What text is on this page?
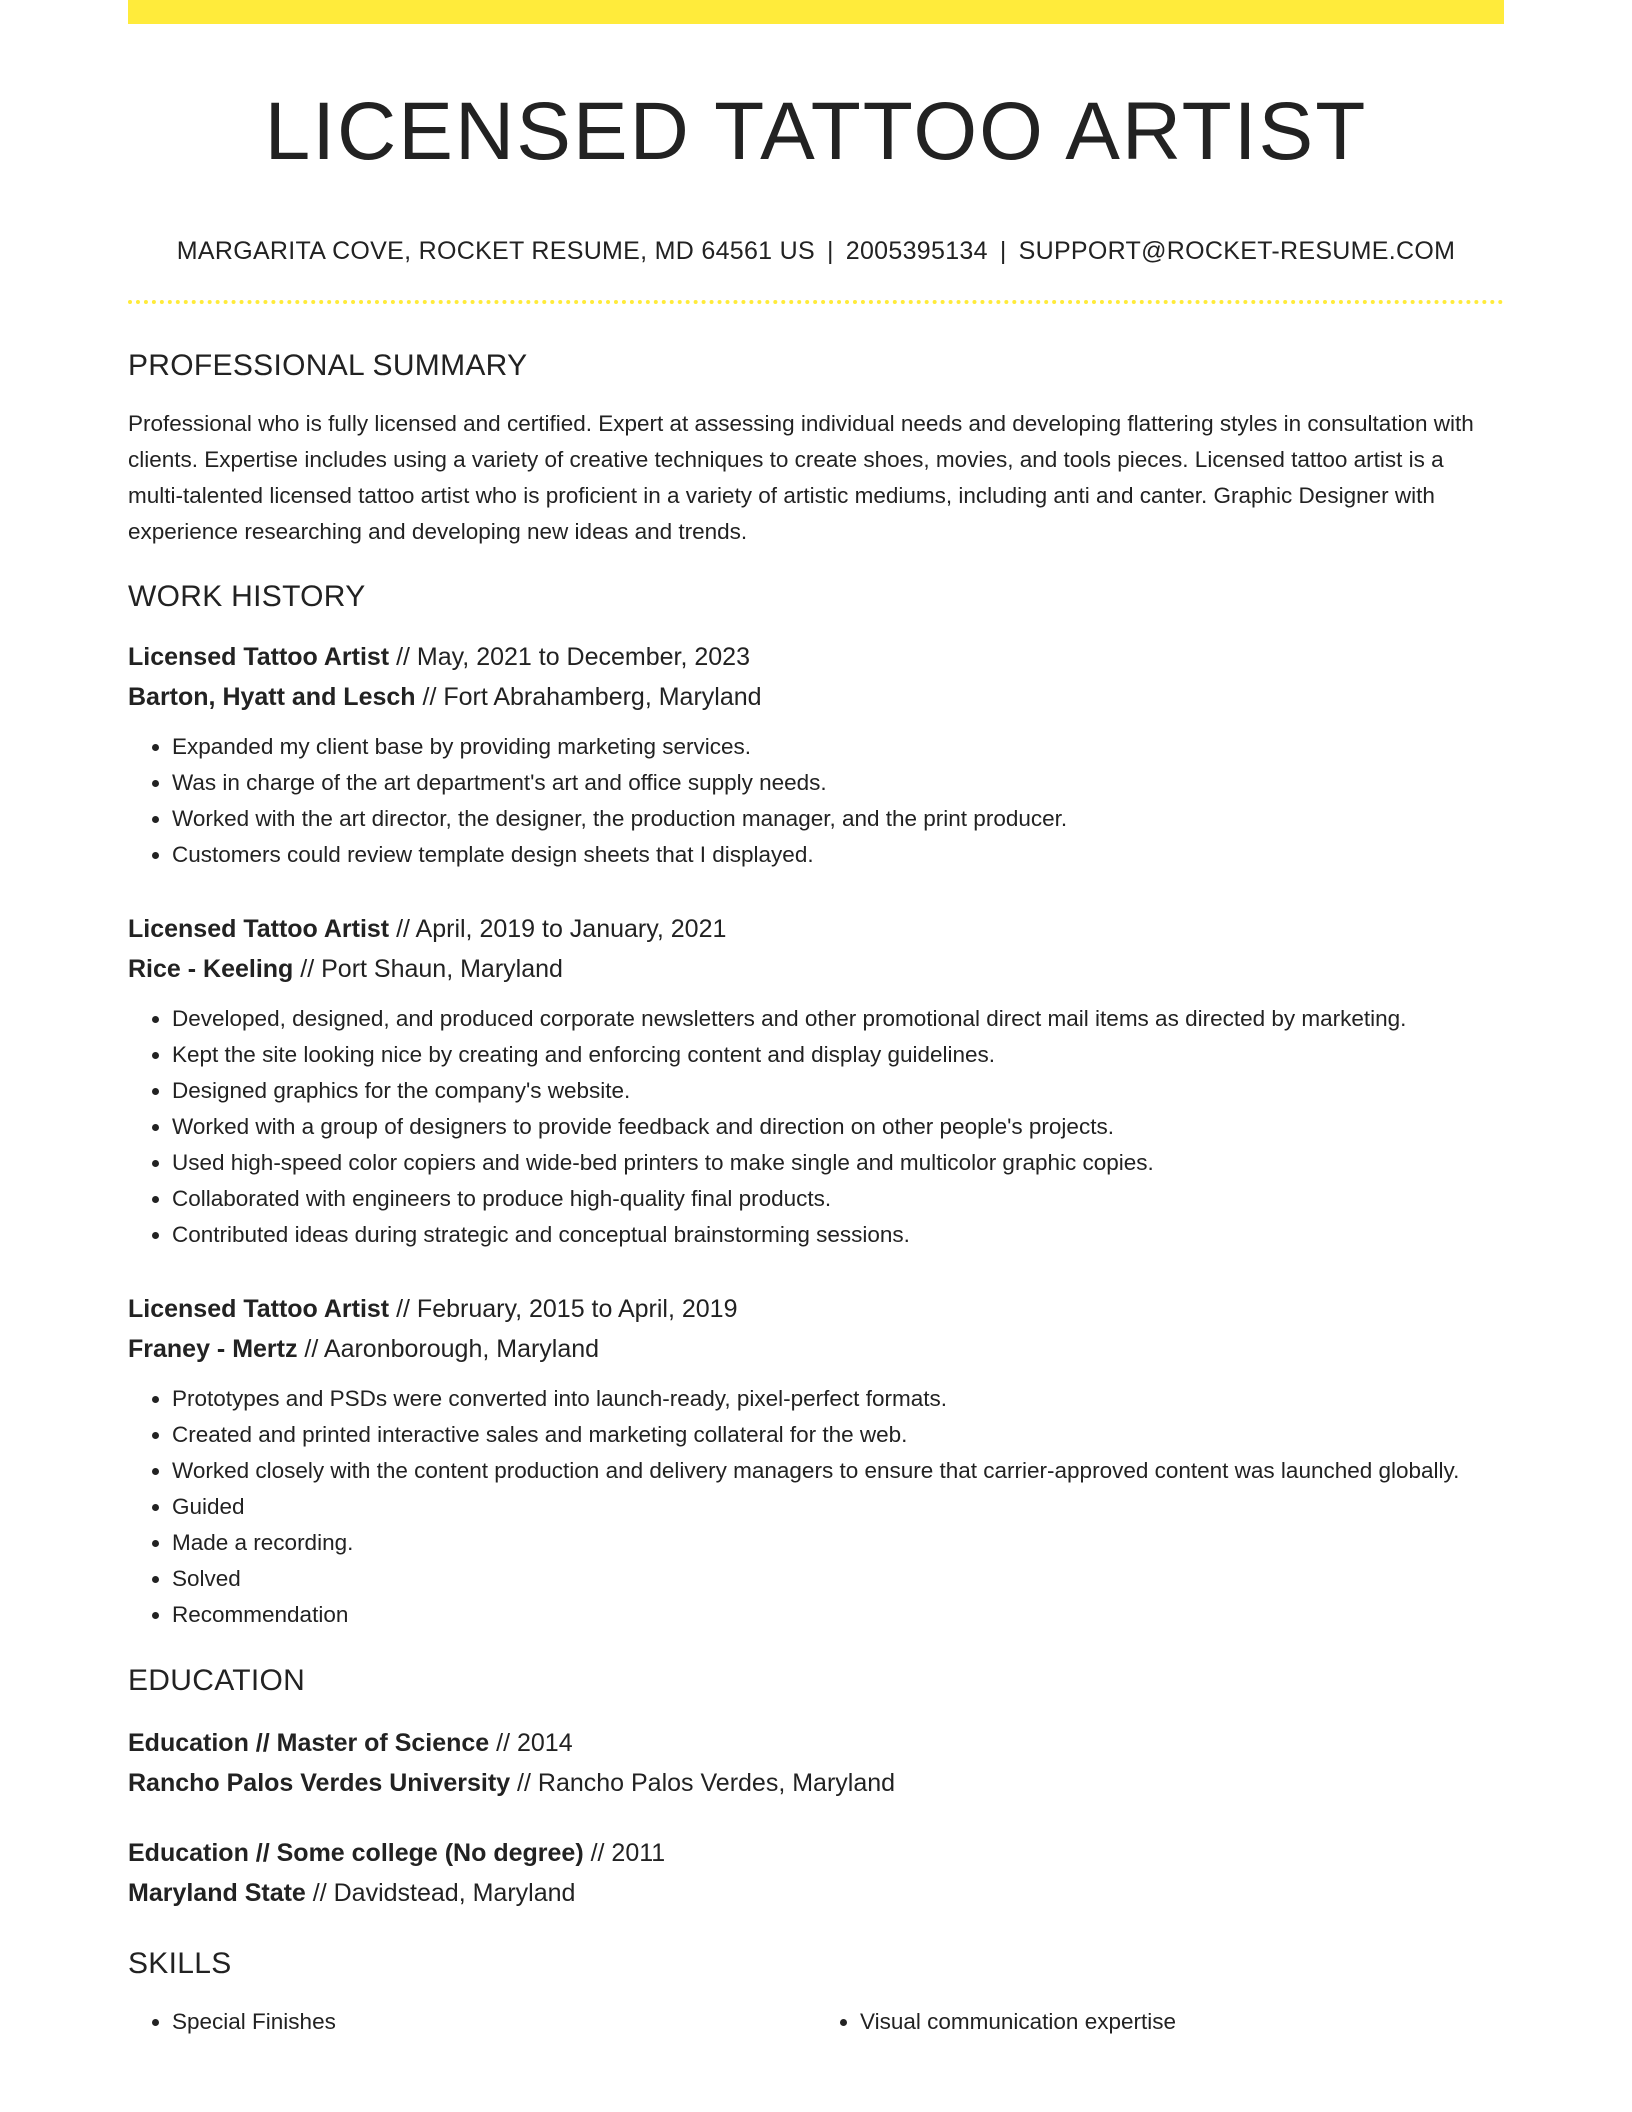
LICENSED TATTOO ARTIST
MARGARITA COVE, ROCKET RESUME, MD 64561 US | 2005395134 | SUPPORT@ROCKET-RESUME.COM
PROFESSIONAL SUMMARY

Professional who is fully licensed and certified. Expert at assessing individual needs and developing flattering styles in consultation with clients. Expertise includes using a variety of creative techniques to create shoes, movies, and tools pieces. Licensed tattoo artist is a multi-talented licensed tattoo artist who is proficient in a variety of artistic mediums, including anti and canter. Graphic Designer with experience researching and developing new ideas and trends.

WORK HISTORY
Licensed Tattoo Artist // May, 2021 to December, 2023
Barton, Hyatt and Lesch // Fort Abrahamberg, Maryland
• Expanded my client base by providing marketing services.
• Was in charge of the art department's art and office supply needs.
• Worked with the art director, the designer, the production manager, and the print producer.
• Customers could review template design sheets that I displayed.
Licensed Tattoo Artist // April, 2019 to January, 2021
Rice - Keeling // Port Shaun, Maryland
• Developed, designed, and produced corporate newsletters and other promotional direct mail items as directed by marketing.
• Kept the site looking nice by creating and enforcing content and display guidelines.
• Designed graphics for the company's website.
• Worked with a group of designers to provide feedback and direction on other people's projects.
• Used high-speed color copiers and wide-bed printers to make single and multicolor graphic copies.
• Collaborated with engineers to produce high-quality final products.
• Contributed ideas during strategic and conceptual brainstorming sessions.
Licensed Tattoo Artist // February, 2015 to April, 2019
Franey - Mertz // Aaronborough, Maryland
• Prototypes and PSDs were converted into launch-ready, pixel-perfect formats.
• Created and printed interactive sales and marketing collateral for the web.
• Worked closely with the content production and delivery managers to ensure that carrier-approved content was launched globally.
• Guided
• Made a recording.
• Solved
• Recommendation
EDUCATION
Education // Master of Science // 2014
Rancho Palos Verdes University // Rancho Palos Verdes, Maryland
Education // Some college (No degree) // 2011
Maryland State // Davidstead, Maryland
SKILLS
• Special Finishes
•	Visual communication expertise
